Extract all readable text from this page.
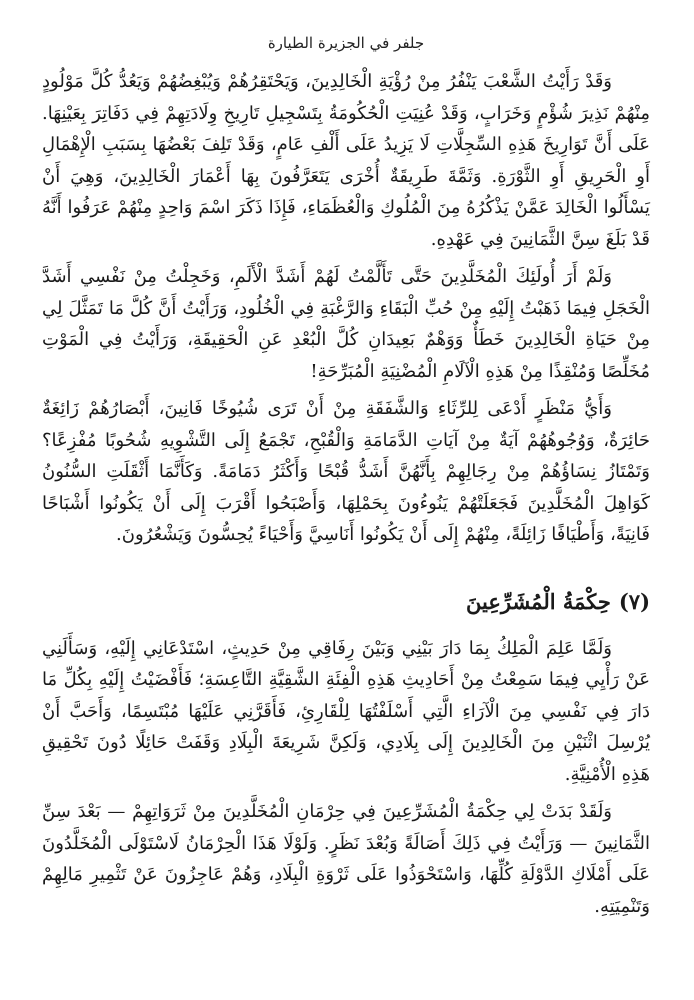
جلفر في الجزيرة الطيارة

وَقَدْ رَأَيْتُ الشَّعْبَ يَنْفُرُ مِنْ رُؤْيَةِ الْخَالِدِينَ، وَيَحْتَقِرُهُمْ وَيُبْغِضُهُمْ وَيَعُدُّ كُلَّ مَوْلُودٍ مِنْهُمْ نَذِيرَ شُؤْمٍ وَخَرَابٍ، وَقَدْ عُنِيَتِ الْحُكُومَةُ بِتَسْجِيلِ تَارِيخِ وِلَادَتِهِمْ فِي دَفَاتِرَ بِعَيْنِهَا. عَلَى أَنَّ تَوَارِيخَ هَذِهِ السِّجِلَّاتِ لَا يَزِيدُ عَلَى أَلْفِ عَامٍ، وَقَدْ تَلِفَ بَعْضُهَا بِسَبَبِ الْإِهْمَالِ أَوِ الْحَرِيقِ أَوِ الثَّوْرَةِ. وَثَمَّةَ طَرِيقَةٌ أُخْرَى يَتَعَرَّفُونَ بِهَا أَعْمَارَ الْخَالِدِينَ، وَهِيَ أَنْ يَسْأَلُوا الْخَالِدَ عَمَّنْ يَذْكُرُهُ مِنَ الْمُلُوكِ وَالْعُظَمَاءِ، فَإِذَا ذَكَرَ اسْمَ وَاحِدٍ مِنْهُمْ عَرَفُوا أَنَّهُ قَدْ بَلَغَ سِنَّ الثَّمَانِينَ فِي عَهْدِهِ.

وَلَمْ أَرَ أُولَئِكَ الْمُخَلَّدِينَ حَتَّى تَأَلَّمْتُ لَهُمْ أَشَدَّ الْأَلَمِ، وَخَجِلْتُ مِنْ نَفْسِي أَشَدَّ الْخَجَلِ فِيمَا ذَهَبْتُ إِلَيْهِ مِنْ حُبِّ الْبَقَاءِ وَالرَّغْبَةِ فِي الْخُلُودِ، وَرَأَيْتُ أَنَّ كُلَّ مَا تَمَثَّلَ لِي مِنْ حَيَاةِ الْخَالِدِينَ خَطَأٌ وَوَهْمٌ بَعِيدَانِ كُلَّ الْبُعْدِ عَنِ الْحَقِيقَةِ، وَرَأَيْتُ فِي الْمَوْتِ مُخَلِّصًا وَمُنْقِذًا مِنْ هَذِهِ الْآلَامِ الْمُضْنِيَةِ الْمُبَرِّحَةِ!

وَأَيُّ مَنْظَرٍ أَدْعَى لِلرِّثَاءِ وَالشَّفَقَةِ مِنْ أَنْ تَرَى شُيُوخًا فَانِينَ، أَبْصَارُهُمْ زَائِغَةٌ حَائِرَةٌ، وَوُجُوهُهُمْ آيَةٌ مِنْ آيَاتِ الدَّمَامَةِ وَالْقُبْحِ، تَجْمَعُ إِلَى التَّشْوِيهِ شُحُوبًا مُفْزِعًا؟ وَتَمْتَازُ نِسَاؤُهُمْ مِنْ رِجَالِهِمْ بِأَنَّهُنَّ أَشَدُّ قُبْحًا وَأَكْثَرُ دَمَامَةً. وَكَأَنَّمَا أَثْقَلَتِ السُّنُونُ كَوَاهِلَ الْمُخَلَّدِينَ فَجَعَلَتْهُمْ يَنُوءُونَ بِحَمْلِهَا، وَأَصْبَحُوا أَقْرَبَ إِلَى أَنْ يَكُونُوا أَشْبَاحًا فَانِيَةً، وَأَطْيَافًا زَائِلَةً، مِنْهُمْ إِلَى أَنْ يَكُونُوا أَنَاسِيَّ وَأَحْيَاءً يُحِسُّونَ وَيَشْعُرُونَ.

(٧)حِكْمَةُ الْمُشَرِّعِينَ

وَلَمَّا عَلِمَ الْمَلِكُ بِمَا دَارَ بَيْنِي وَبَيْنَ رِفَاقِي مِنْ حَدِيثٍ، اسْتَدْعَانِي إِلَيْهِ، وَسَأَلَنِي عَنْ رَأْيِي فِيمَا سَمِعْتُ مِنْ أَحَادِيثِ هَذِهِ الْفِئَةِ الشَّقِيَّةِ التَّاعِسَةِ؛ فَأَفْضَيْتُ إِلَيْهِ بِكُلِّ مَا دَارَ فِي نَفْسِي مِنَ الْآرَاءِ الَّتِي أَسْلَفْتُهَا لِلْقَارِئِ، فَأَقَرَّنِي عَلَيْهَا مُبْتَسِمًا، وَأَحَبَّ أَنْ يُرْسِلَ اثْنَيْنِ مِنَ الْخَالِدِينَ إِلَى بِلَادِي، وَلَكِنَّ شَرِيعَةَ الْبِلَادِ وَقَفَتْ حَائِلًا دُونَ تَحْقِيقِ هَذِهِ الْأُمْنِيَّةِ.

وَلَقَدْ بَدَتْ لِي حِكْمَةُ الْمُشَرِّعِينَ فِي حِرْمَانِ الْمُخَلَّدِينَ مِنْ ثَرَوَاتِهِمْ — بَعْدَ سِنِّ الثَّمَانِينَ — وَرَأَيْتُ فِي ذَلِكَ أَصَالَةً وَبُعْدَ نَظَرٍ. وَلَوْلَا هَذَا الْحِرْمَانُ لَاسْتَوْلَى الْمُخَلَّدُونَ عَلَى أَمْلَاكِ الدَّوْلَةِ كُلِّهَا، وَاسْتَحْوَذُوا عَلَى ثَرْوَةِ الْبِلَادِ، وَهُمْ عَاجِزُونَ عَنْ تَثْمِيرِ مَالِهِمْ وَتَنْمِيَتِهِ.
